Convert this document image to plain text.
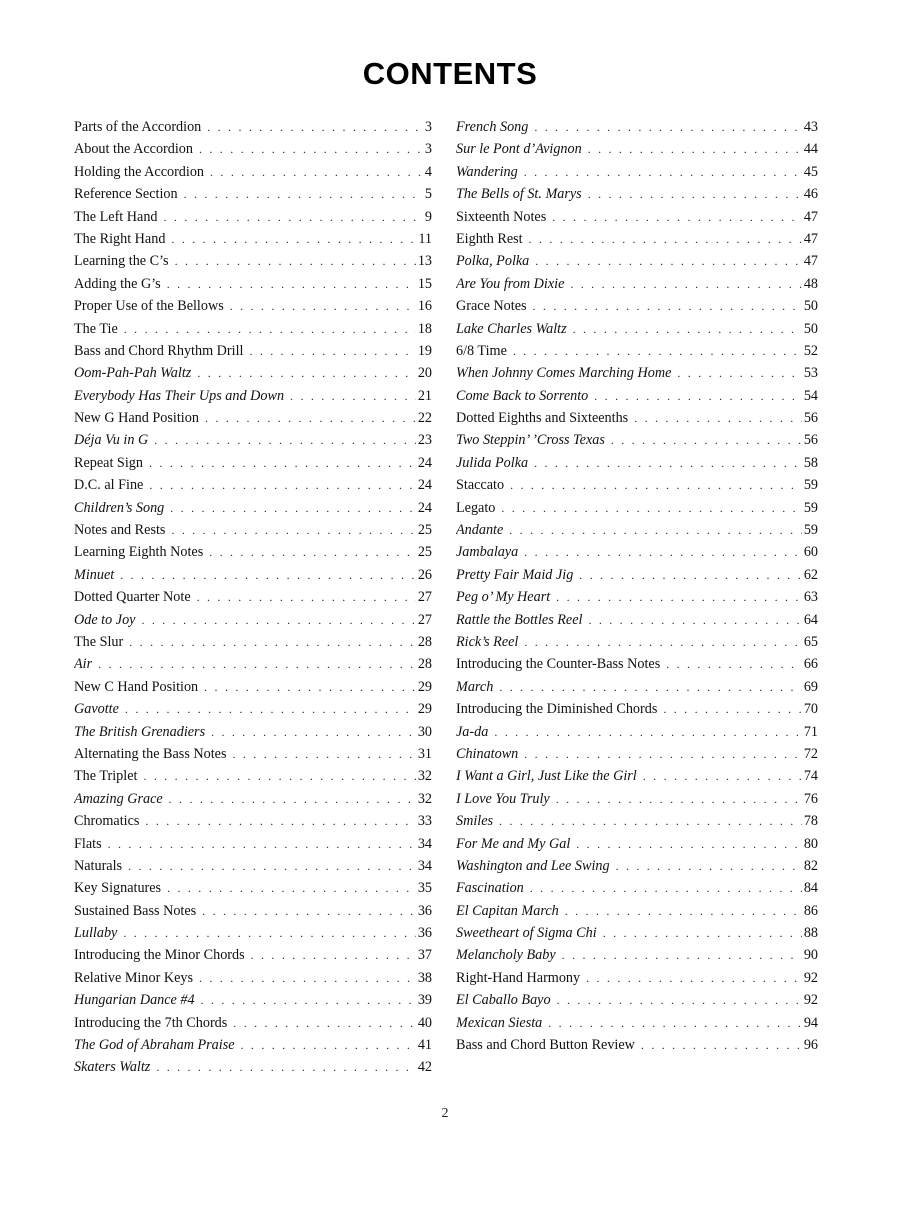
CONTENTS
Parts of the Accordion . . .	3
About the Accordion . . .	3
Holding the Accordion . . .	4
Reference Section . . .	5
The Left Hand . . .	9
The Right Hand . . .	11
Learning the C’s . . .	13
Adding the G’s . . .	15
Proper Use of the Bellows . . .	16
The Tie . . .	18
Bass and Chord Rhythm Drill . . .	19
Oom-Pah-Pah Waltz . . .	20
Everybody Has Their Ups and Down . . .	21
New G Hand Position . . .	22
Déja Vu in G . . .	23
Repeat Sign . . .	24
D.C. al Fine . . .	24
Children’s Song . . .	24
Notes and Rests . . .	25
Learning Eighth Notes . . .	25
Minuet . . .	26
Dotted Quarter Note . . .	27
Ode to Joy . . .	27
The Slur . . .	28
Air . . .	28
New C Hand Position . . .	29
Gavotte . . .	29
The British Grenadiers . . .	30
Alternating the Bass Notes . . .	31
The Triplet . . .	32
Amazing Grace . . .	32
Chromatics . . .	33
Flats . . .	34
Naturals . . .	34
Key Signatures . . .	35
Sustained Bass Notes . . .	36
Lullaby . . .	36
Introducing the Minor Chords . . .	37
Relative Minor Keys . . .	38
Hungarian Dance #4 . . .	39
Introducing the 7th Chords . . .	40
The God of Abraham Praise . . .	41
Skaters Waltz . . .	42
French Song . . .	43
Sur le Pont d’Avignon . . .	44
Wandering . . .	45
The Bells of St. Marys . . .	46
Sixteenth Notes . . .	47
Eighth Rest . . .	47
Polka, Polka . . .	47
Are You from Dixie . . .	48
Grace Notes . . .	50
Lake Charles Waltz . . .	50
6/8 Time . . .	52
When Johnny Comes Marching Home . . .	53
Come Back to Sorrento . . .	54
Dotted Eighths and Sixteenths . . .	56
Two Steppin’ ’Cross Texas . . .	56
Julida Polka . . .	58
Staccato . . .	59
Legato . . .	59
Andante . . .	59
Jambalaya . . .	60
Pretty Fair Maid Jig . . .	62
Peg o’ My Heart . . .	63
Rattle the Bottles Reel . . .	64
Rick’s Reel . . .	65
Introducing the Counter-Bass Notes . . .	66
March . . .	69
Introducing the Diminished Chords . . .	70
Ja-da . . .	71
Chinatown . . .	72
I Want a Girl, Just Like the Girl . . .	74
I Love You Truly . . .	76
Smiles . . .	78
For Me and My Gal . . .	80
Washington and Lee Swing . . .	82
Fascination . . .	84
El Capitan March . . .	86
Sweetheart of Sigma Chi . . .	88
Melancholy Baby . . .	90
Right-Hand Harmony . . .	92
El Caballo Bayo . . .	92
Mexican Siesta . . .	94
Bass and Chord Button Review . . .	96
2
